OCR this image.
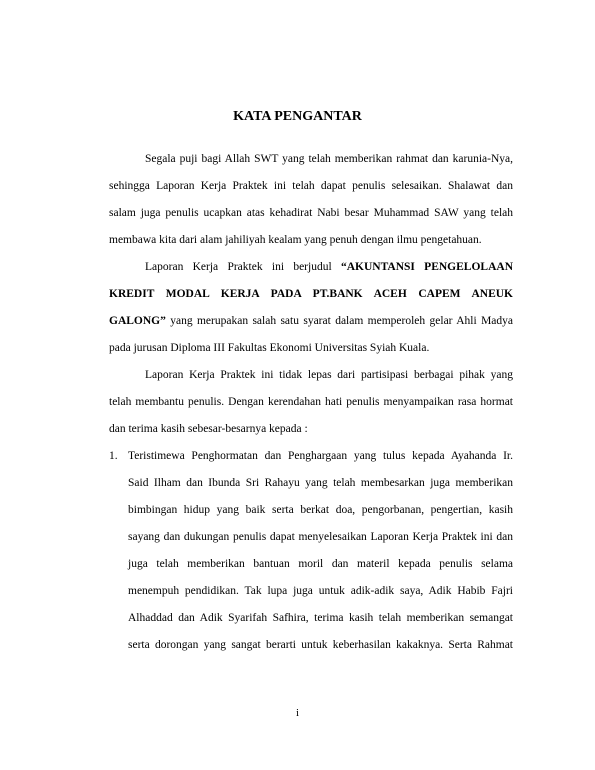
KATA PENGANTAR

Segala puji bagi Allah SWT yang telah memberikan rahmat dan karunia-Nya,

sehingga Laporan Kerja Praktek ini telah dapat penulis selesaikan. Shalawat dan

salam juga penulis ucapkan atas kehadirat Nabi besar Muhammad SAW yang telah

membawa kita dari alam jahiliyah kealam yang penuh dengan ilmu pengetahuan.

Laporan Kerja Praktek ini berjudul “AKUNTANSI PENGELOLAAN

KREDIT MODAL KERJA PADA PT.BANK ACEH CAPEM ANEUK

GALONG” yang merupakan salah satu syarat dalam memperoleh gelar Ahli Madya

pada jurusan Diploma III Fakultas Ekonomi Universitas Syiah Kuala.

Laporan Kerja Praktek ini tidak lepas dari partisipasi berbagai pihak yang

telah membantu penulis. Dengan kerendahan hati penulis menyampaikan rasa hormat

dan terima kasih sebesar-besarnya kepada :

1. Teristimewa Penghormatan dan Penghargaan yang tulus kepada Ayahanda Ir.

Said Ilham dan Ibunda Sri Rahayu yang telah membesarkan juga memberikan

bimbingan hidup yang baik serta berkat doa, pengorbanan, pengertian, kasih

sayang dan dukungan penulis dapat menyelesaikan Laporan Kerja Praktek ini dan

juga telah memberikan bantuan moril dan materil kepada penulis selama

menempuh pendidikan. Tak lupa juga untuk adik-adik saya, Adik Habib Fajri

Alhaddad dan Adik Syarifah Safhira, terima kasih telah memberikan semangat

serta dorongan yang sangat berarti untuk keberhasilan kakaknya. Serta Rahmat

i
